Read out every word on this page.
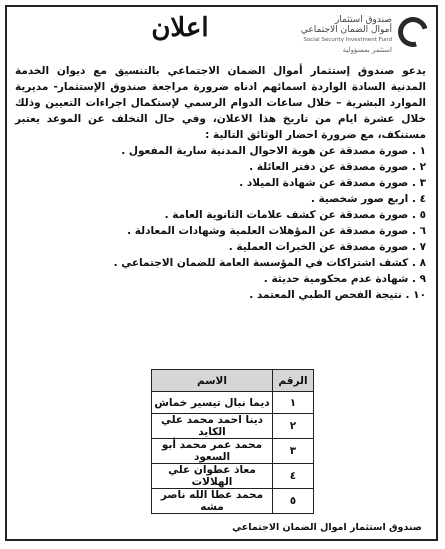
اعلان	صندوق استثمار
أموال الضمان الاجتماعي
Social Security Investment Fund
استثمر بمسؤولية

يدعو صندوق إستثمار أموال الضمان الاجتماعي بالتنسيق مع ديوان الخدمة المدنية السادة الواردة اسمائهم ادناه ضرورة مراجعة صندوق الإستثمار- مديرية الموارد البشرية – خلال ساعات الدوام الرسمي لإستكمال اجراءات التعيين وذلك خلال عشرة ايام من تاريخ هذا الاعلان، وفي حال التخلف عن الموعد يعتبر مستنكف، مع ضرورة احضار الوثائق التالية :

١ . صورة مصدقة عن هوية الاحوال المدنية سارية المفعول .
٢ . صورة مصدقة عن دفتر العائلة .
٣ . صورة مصدقة عن شهادة الميلاد .
٤ . اربع صور شخصية .
٥ . صورة مصدقة عن كشف علامات الثانوية العامة .
٦ . صورة مصدقة عن المؤهلات العلمية وشهادات المعادلة .
٧ . صورة مصدقة عن الخبرات العملية .
٨ . كشف اشتراكات في المؤسسة العامة للضمان الاجتماعي .
٩ . شهادة عدم محكومية حديثة .
١٠ . نتيجة الفحص الطبي المعتمد .
الرقم	الاسم
١	ديما نبال تيسير خماش
٢	دينا احمد محمد علي الكايد
٣	محمد عمر محمد أبو السعود
٤	معاذ عطوان علي الهلالات
٥	محمد عطا الله ناصر مشه
صندوق استثمار اموال الضمان الاجتماعي
